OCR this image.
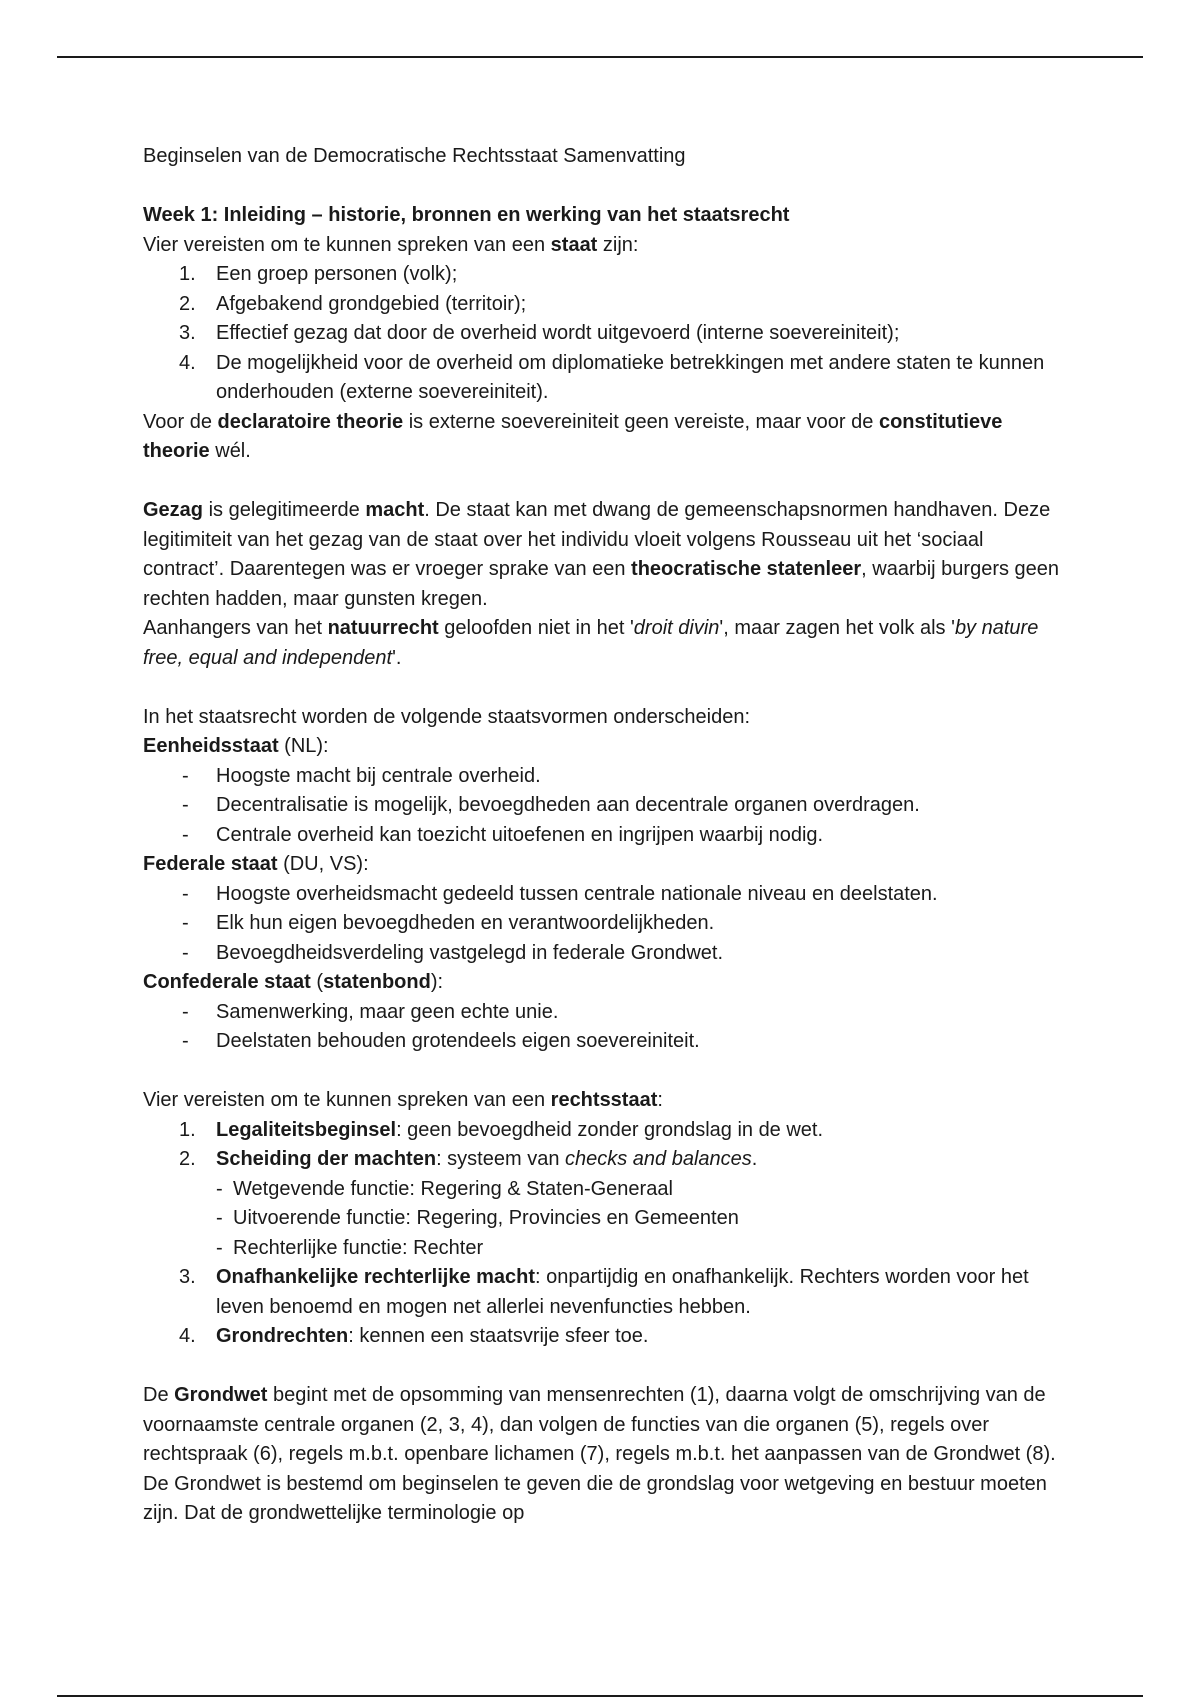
Beginselen van de Democratische Rechtsstaat Samenvatting

Week 1: Inleiding – historie, bronnen en werking van het staatsrecht

Vier vereisten om te kunnen spreken van een staat zijn:

1. Een groep personen (volk);
2. Afgebakend grondgebied (territoir);
3. Effectief gezag dat door de overheid wordt uitgevoerd (interne soevereiniteit);
4. De mogelijkheid voor de overheid om diplomatieke betrekkingen met andere staten te kunnen onderhouden (externe soevereiniteit).

Voor de declaratoire theorie is externe soevereiniteit geen vereiste, maar voor de constitutieve theorie wél.

Gezag is gelegitimeerde macht. De staat kan met dwang de gemeenschapsnormen handhaven. Deze legitimiteit van het gezag van de staat over het individu vloeit volgens Rousseau uit het ‘sociaal contract’. Daarentegen was er vroeger sprake van een theocratische statenleer, waarbij burgers geen rechten hadden, maar gunsten kregen.

Aanhangers van het natuurrecht geloofden niet in het 'droit divin', maar zagen het volk als 'by nature free, equal and independent'.

In het staatsrecht worden de volgende staatsvormen onderscheiden:

Eenheidsstaat (NL):

- Hoogste macht bij centrale overheid.
- Decentralisatie is mogelijk, bevoegdheden aan decentrale organen overdragen.
- Centrale overheid kan toezicht uitoefenen en ingrijpen waarbij nodig.

Federale staat (DU, VS):

- Hoogste overheidsmacht gedeeld tussen centrale nationale niveau en deelstaten.
- Elk hun eigen bevoegdheden en verantwoordelijkheden.
- Bevoegdheidsverdeling vastgelegd in federale Grondwet.

Confederale staat (statenbond):

- Samenwerking, maar geen echte unie.
- Deelstaten behouden grotendeels eigen soevereiniteit.

Vier vereisten om te kunnen spreken van een rechtsstaat:

1. Legaliteitsbeginsel: geen bevoegdheid zonder grondslag in de wet.
2. Scheiding der machten: systeem van checks and balances.
- Wetgevende functie: Regering & Staten-Generaal
- Uitvoerende functie: Regering, Provincies en Gemeenten
- Rechterlijke functie: Rechter
3. Onafhankelijke rechterlijke macht: onpartijdig en onafhankelijk. Rechters worden voor het leven benoemd en mogen net allerlei nevenfuncties hebben.
4. Grondrechten: kennen een staatsvrije sfeer toe.

De Grondwet begint met de opsomming van mensenrechten (1), daarna volgt de omschrijving van de voornaamste centrale organen (2, 3, 4), dan volgen de functies van die organen (5), regels over rechtspraak (6), regels m.b.t. openbare lichamen (7), regels m.b.t. het aanpassen van de Grondwet (8). De Grondwet is bestemd om beginselen te geven die de grondslag voor wetgeving en bestuur moeten zijn. Dat de grondwettelijke terminologie op
